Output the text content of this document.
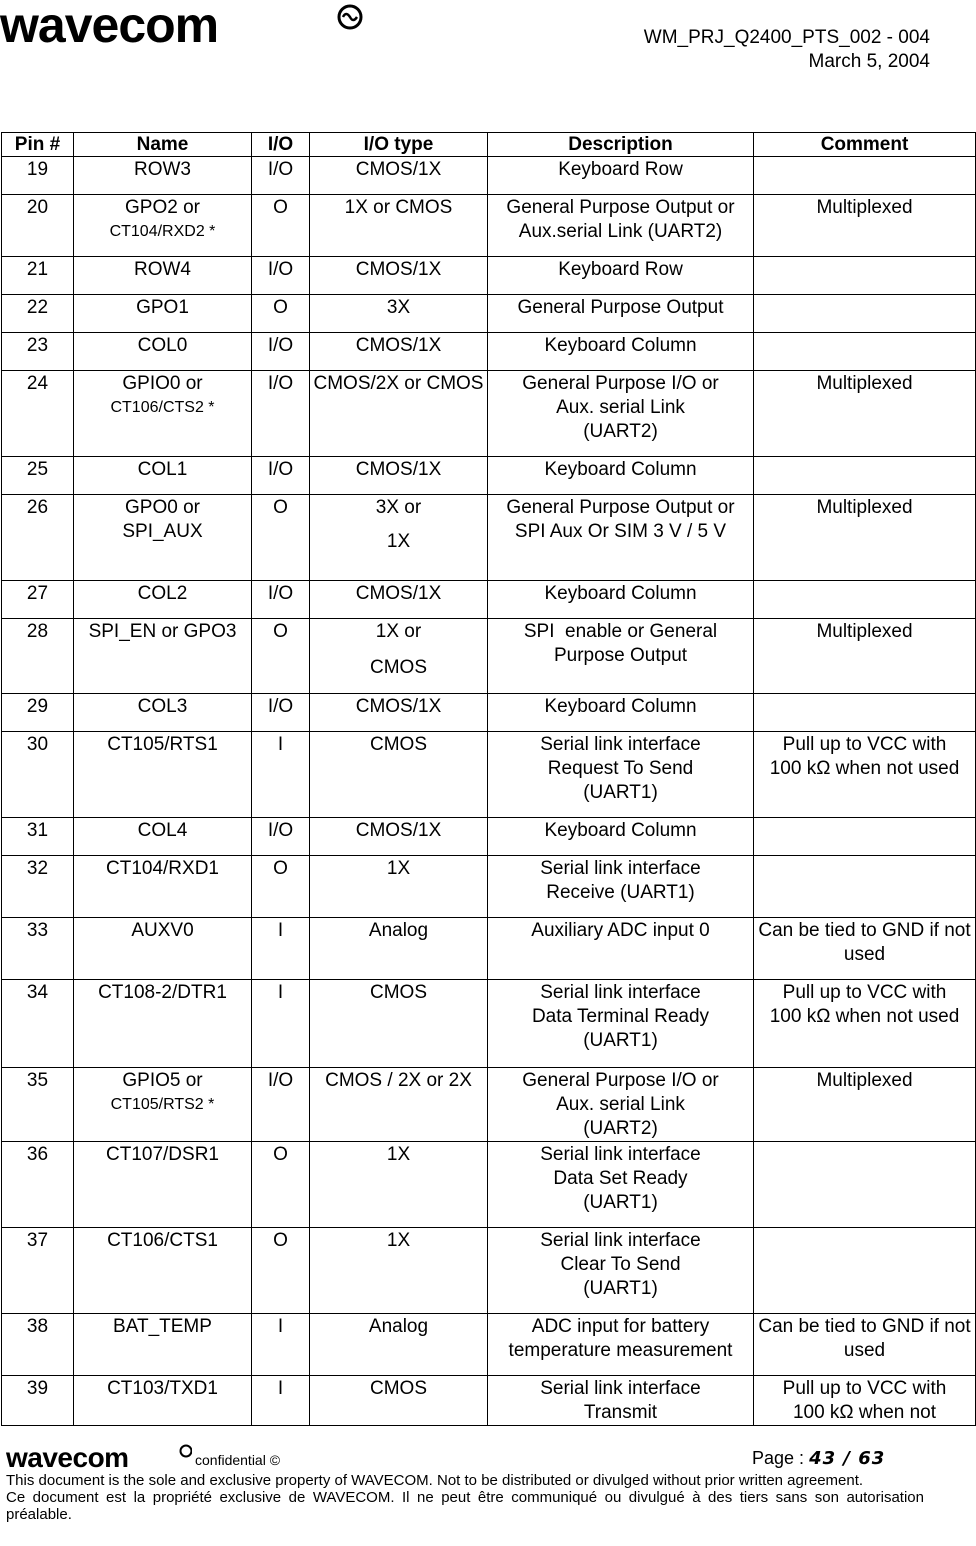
wavecom	WM_PRJ_Q2400_PTS_002 - 004
March 5, 2004
Pin #	Name	I/O	I/O type	Description	Comment
19	ROW3	I/O	CMOS/1X	Keyboard Row	
20	GPO2 or
CT104/RXD2 *	O	1X or CMOS	General Purpose Output or Aux.serial Link (UART2)	Multiplexed
21	ROW4	I/O	CMOS/1X	Keyboard Row	
22	GPO1	O	3X	General Purpose Output	
23	COL0	I/O	CMOS/1X	Keyboard Column	
24	GPIO0 or
CT106/CTS2 *	I/O	CMOS/2X or CMOS	General Purpose I/O or Aux. serial Link (UART2)	Multiplexed
25	COL1	I/O	CMOS/1X	Keyboard Column	
26	GPO0 or SPI_AUX	O	3X or
1X	General Purpose Output or SPI Aux Or SIM 3 V / 5 V	Multiplexed
27	COL2	I/O	CMOS/1X	Keyboard Column	
28	SPI_EN or GPO3	O	1X or
CMOS	SPI  enable or General Purpose Output	Multiplexed
29	COL3	I/O	CMOS/1X	Keyboard Column	
30	CT105/RTS1	I	CMOS	Serial link interface Request To Send (UART1)	Pull up to VCC with 100 kΩ when not used
31	COL4	I/O	CMOS/1X	Keyboard Column	
32	CT104/RXD1	O	1X	Serial link interface Receive (UART1)	
33	AUXV0	I	Analog	Auxiliary ADC input 0	Can be tied to GND if not used
34	CT108-2/DTR1	I	CMOS	Serial link interface Data Terminal Ready (UART1)	Pull up to VCC with 100 kΩ when not used
35	GPIO5 or
CT105/RTS2 *	I/O	CMOS / 2X or 2X	General Purpose I/O or Aux. serial Link (UART2)	Multiplexed
36	CT107/DSR1	O	1X	Serial link interface Data Set Ready (UART1)	
37	CT106/CTS1	O	1X	Serial link interface Clear To Send (UART1)	
38	BAT_TEMP	I	Analog	ADC input for battery temperature measurement	Can be tied to GND if not used
39	CT103/TXD1	I	CMOS	Serial link interface Transmit	Pull up to VCC with 100 kΩ when not
wavecom	confidential ©	Page : 43 / 63

This document is the sole and exclusive property of WAVECOM. Not to be distributed or divulged without prior written agreement.

Ce document est la propriété exclusive de WAVECOM. Il ne peut être communiqué ou divulgué à des tiers sans son autorisation préalable.
